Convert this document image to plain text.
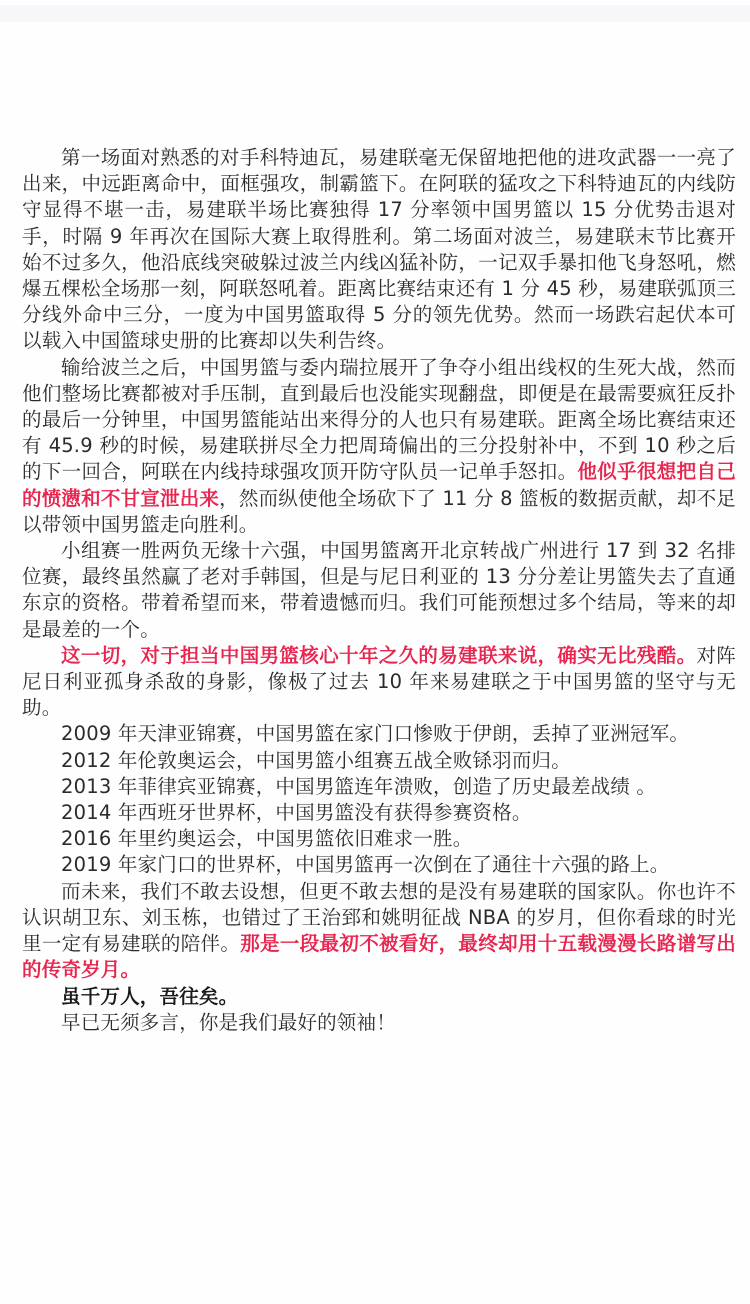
第一场面对熟悉的对手科特迪瓦，易建联毫无保留地把他的进攻武器一一亮了出来，中远距离命中，面框强攻，制霸篮下。在阿联的猛攻之下科特迪瓦的内线防守显得不堪一击，易建联半场比赛独得 17 分率领中国男篮以 15 分优势击退对手，时隔 9 年再次在国际大赛上取得胜利。第二场面对波兰，易建联末节比赛开始不过多久，他沿底线突破躲过波兰内线凶猛补防，一记双手暴扣他飞身怒吼，燃爆五棵松全场那一刻，阿联怒吼着。距离比赛结束还有 1 分 45 秒，易建联弧顶三分线外命中三分，一度为中国男篮取得 5 分的领先优势。然而一场跌宕起伏本可以载入中国篮球史册的比赛却以失利告终。

输给波兰之后，中国男篮与委内瑞拉展开了争夺小组出线权的生死大战，然而他们整场比赛都被对手压制，直到最后也没能实现翻盘，即便是在最需要疯狂反扑的最后一分钟里，中国男篮能站出来得分的人也只有易建联。距离全场比赛结束还有 45.9 秒的时候，易建联拼尽全力把周琦偏出的三分投射补中，不到 10 秒之后的下一回合，阿联在内线持球强攻顶开防守队员一记单手怒扣。他似乎很想把自己的愤懑和不甘宣泄出来，然而纵使他全场砍下了 11 分 8 篮板的数据贡献，却不足以带领中国男篮走向胜利。

小组赛一胜两负无缘十六强，中国男篮离开北京转战广州进行 17 到 32 名排位赛，最终虽然赢了老对手韩国，但是与尼日利亚的 13 分分差让男篮失去了直通东京的资格。带着希望而来，带着遗憾而归。我们可能预想过多个结局，等来的却是最差的一个。

这一切，对于担当中国男篮核心十年之久的易建联来说，确实无比残酷。对阵尼日利亚孤身杀敌的身影，像极了过去 10 年来易建联之于中国男篮的坚守与无助。

2009 年天津亚锦赛，中国男篮在家门口惨败于伊朗，丢掉了亚洲冠军。

2012 年伦敦奥运会，中国男篮小组赛五战全败铩羽而归。

2013 年菲律宾亚锦赛，中国男篮连年溃败，创造了历史最差战绩 。

2014 年西班牙世界杯，中国男篮没有获得参赛资格。

2016 年里约奥运会，中国男篮依旧难求一胜。

2019 年家门口的世界杯，中国男篮再一次倒在了通往十六强的路上。

而未来，我们不敢去设想，但更不敢去想的是没有易建联的国家队。你也许不认识胡卫东、刘玉栋，也错过了王治郅和姚明征战 NBA 的岁月，但你看球的时光里一定有易建联的陪伴。那是一段最初不被看好，最终却用十五载漫漫长路谱写出的传奇岁月。

虽千万人，吾往矣。

早已无须多言，你是我们最好的领袖！
